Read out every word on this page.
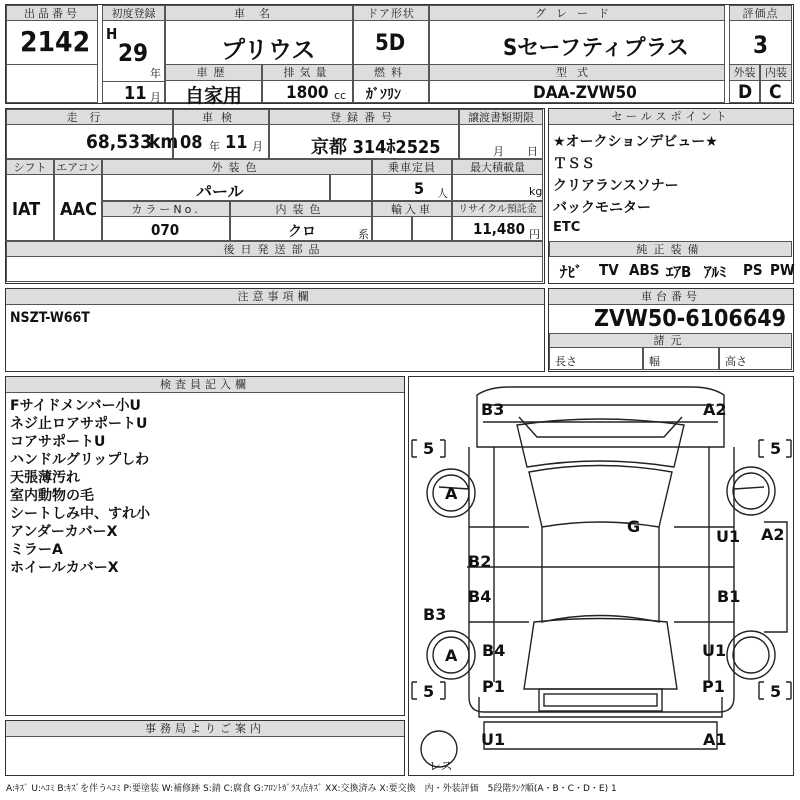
出品番号
2142
初度登録
H
29
年
11 月
車名
プリウス
ドア形状
5D
グレード
Sセーフティプラス
評価点
3
車歴
自家用
排気量
1800 cc
燃料
ｶﾞｿﾘﾝ
型式
DAA-ZVW50
外装 内装
D C
走行
68,533
km
車検
08 年 11 月
登録番号
京都 314ﾎ2525
譲渡書類期限
月 日
シフト エアコン
IAT AAC
外装色
パール
乗車定員
5 人
最大積載量
kg
カラーNo.
070
内装色
クロ	系
輸入車	リサイクル預託金
11,480 円
後日発送部品
セールスポイント
★オークションデビュー★
ＴＳＳ
クリアランスソナー
バックモニター
ETC
純正装備
ﾅﾋﾞ TV ABS ｴｱB ｱﾙﾐ PS PW
注意事項欄
NSZT-W66T
車台番号
ZVW50-6106649
諸元
長さ	幅	高さ
検査員記入欄
Fサイドメンバー小U
ネジ止ロアサポートU
コアサポートU
ハンドルグリップしわ
天張薄汚れ
室内動物の毛
シートしみ中、すれ小
アンダーカバーX
ミラーA
ホイールカバーX
事務局よりご案内
5	5
5	5
B3	A2
G
U1 A2
B2
B4	B1
B3
B4	U1
P1	P1
U1	A1
A
A
レス
A:ｷｽﾞ U:ﾍｺﾐ B:ｷｽﾞを伴うﾍｺﾐ P:要塗装 W:補修跡 S:錆 C:腐食 G:ﾌﾛﾝﾄｶﾞﾗｽ点ｷｽﾞ XX:交換済み X:要交換　内・外装評価　5段階ﾗﾝｸ順(A・B・C・D・E) 1
